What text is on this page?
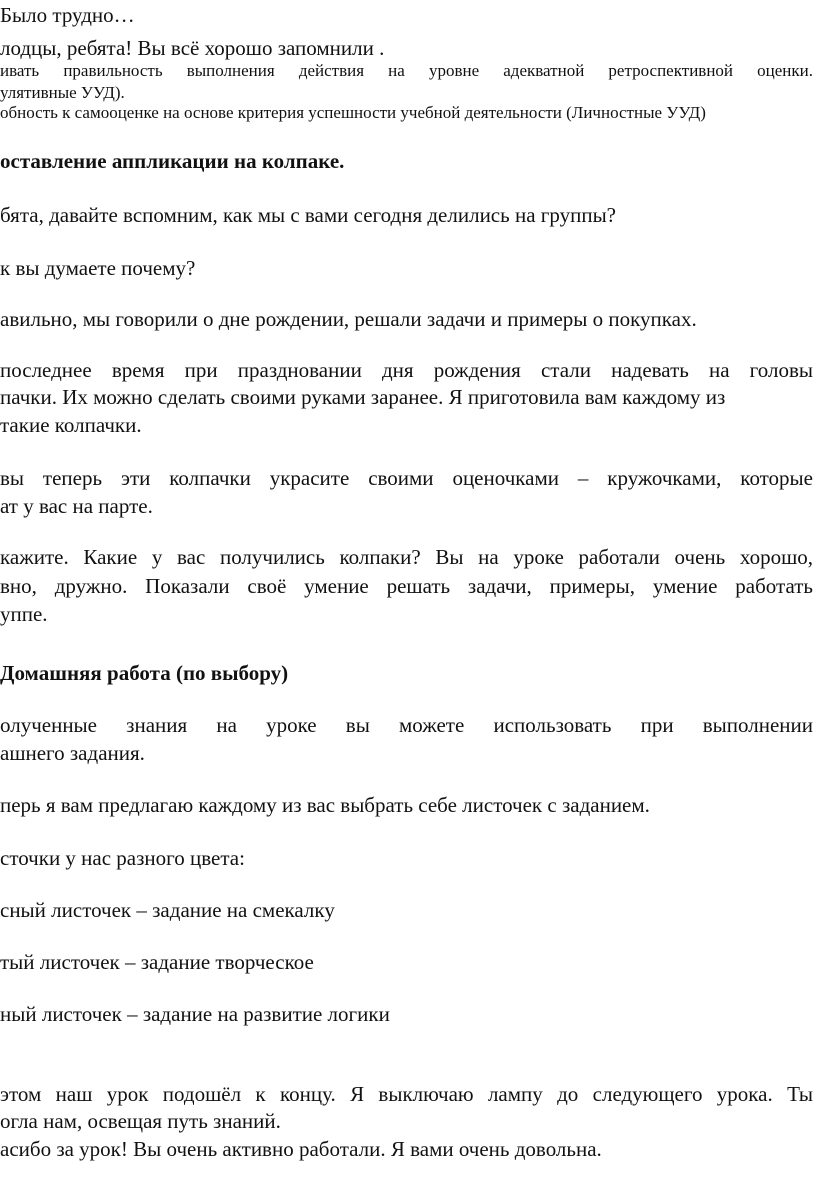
Было трудно…

лодцы, ребята! Вы всё хорошо запомнили .

ивать правильность выполнения действия на уровне адекватной ретроспективной оценки.

улятивные УУД).

обность к самооценке на основе критерия успешности учебной деятельности (Личностные УУД)

оставление аппликации на колпаке.

бята, давайте вспомним, как мы с вами сегодня делились на группы?

к вы думаете почему?

авильно, мы говорили о дне рождении, решали задачи и примеры о покупках.

последнее время при праздновании дня рождения стали надевать на головы

пачки. Их можно сделать своими руками заранее. Я приготовила вам каждому из

такие колпачки.

вы теперь эти колпачки украсите своими оценочками – кружочками, которые

ат у вас на парте.

кажите. Какие у вас получились колпаки? Вы на уроке работали очень хорошо,

вно, дружно. Показали своё умение решать задачи, примеры, умение работать

уппе.

Домашняя работа (по выбору)

олученные знания на уроке вы можете использовать при выполнении

ашнего задания.

перь я вам предлагаю каждому из вас выбрать себе листочек с заданием.

сточки у нас разного цвета:

сный листочек – задание на смекалку

тый листочек – задание творческое

ный листочек – задание на развитие логики

этом наш урок подошёл к концу. Я выключаю лампу до следующего урока. Ты

огла нам, освещая путь знаний.

асибо за урок! Вы очень активно работали. Я вами очень довольна.
